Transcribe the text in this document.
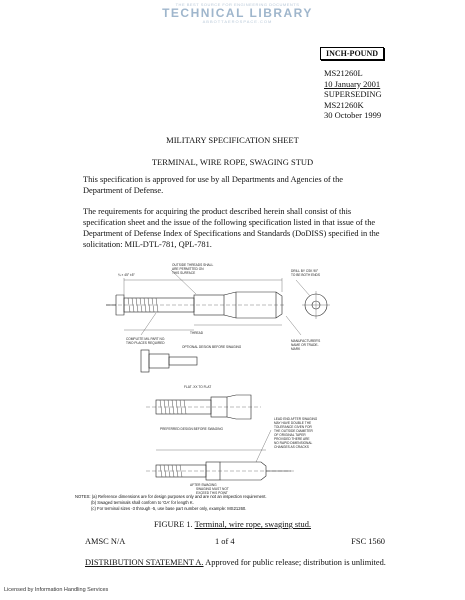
THE BEST SOURCE FOR ENGINEERING DOCUMENTS
TECHNICAL LIBRARY
ABBOTTAEROSPACE.COM
INCH-POUND
MS21260L
10 January 2001
SUPERSEDING
MS21260K
30 October 1999
MILITARY SPECIFICATION SHEET
TERMINAL, WIRE ROPE, SWAGING STUD
This specification is approved for use by all Departments and Agencies of the Department of Defense.
The requirements for acquiring the product described herein shall consist of this specification sheet and the issue of the following specification listed in that issue of the Department of Defense Index of Specifications and Standards (DoDISS) specified in the solicitation: MIL-DTL-781, QPL-781.
¼ × 45° ±5°
OUTSIDE THREADS SHALL
ARE PERMITTED ON
THIS SURFACE	DRILL BY CSK 90°
TO BE BOTH ENDS
MANUFACTURER'S
NAME OR TRADE-
MARK
COMPLETE MIL PART NO.
TWO PLACES REQUIRED
THREAD
OPTIONAL DESIGN BEFORE SWAGING
FLAT .XX TO FLAT
PREFERRED DESIGN BEFORE SWAGING
LEAD END AFTER SWAGING
MAY HAVE DOUBLE THE
TOLERANCE GIVEN FOR
THE OUTSIDE DIAMETER
OF ORIGINAL TAPER
PROVIDED THERE ARE
NO RAPID DIMENSIONAL
CHANGES AS CRACKS
SWAGING MUST NOT
EXCEED THIS POINT
AFTER SWAGING
NOTES: (a) Reference dimensions are for design purposes only and are not an inspection requirement.
(b) Swaged terminals shall conform to 'GA' for length K.
(c) For terminal sizes -3 through -5, use base part number only, example: MS21260.
FIGURE 1. Terminal, wire rope, swaging stud.
AMSC N/A	1 of 4	FSC 1560
DISTRIBUTION STATEMENT A. Approved for public release; distribution is unlimited.
Licensed by Information Handling Services
